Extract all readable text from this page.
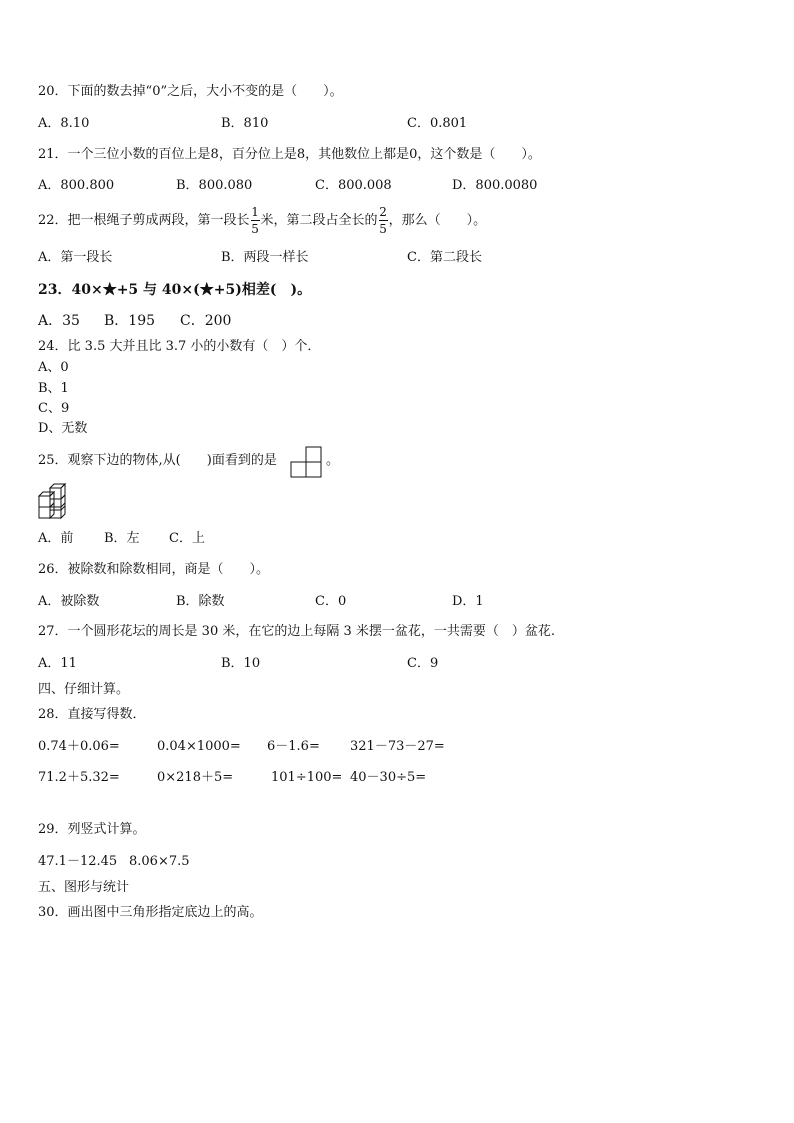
20．下面的数去掉“0”之后，大小不变的是（　　）。
A．8.10	B．810	C．0.801
21．一个三位小数的百位上是8，百分位上是8，其他数位上都是0，这个数是（　　）。
A．800.800	B．800.080	C．800.008	D．800.0080
22．把一根绳子剪成两段，第一段长 $\frac{1}{5}$ 米，第二段占全长的 $\frac{2}{5}$ ，那么（　　）。
A．第一段长	B．两段一样长	C．第二段长
23．40×★+5 与 40×(★+5)相差(　)。
A．35 B．195 C．200
24．比 3.5 大并且比 3.7 小的小数有（　）个．
A、0
B、1
C、9
D、无数
25．观察下边的物体,从(　　)面看到的是	。
A．前 B．左 C．上
26．被除数和除数相同，商是（　　）。
A．被除数	B．除数	C．0	D．1
27．一个圆形花坛的周长是 30 米，在它的边上每隔 3 米摆一盆花，一共需要（　）盆花.
A．11	B．10	C．9
四、仔细计算。
28．直接写得数．
0.74＋0.06=	0.04×1000= 6－1.6= 321－73－27=
71.2＋5.32=	0×218＋5=	101÷100= 40－30÷5=
29．列竖式计算。
47.1－12.45 8.06×7.5
五、图形与统计
30．画出图中三角形指定底边上的高。
